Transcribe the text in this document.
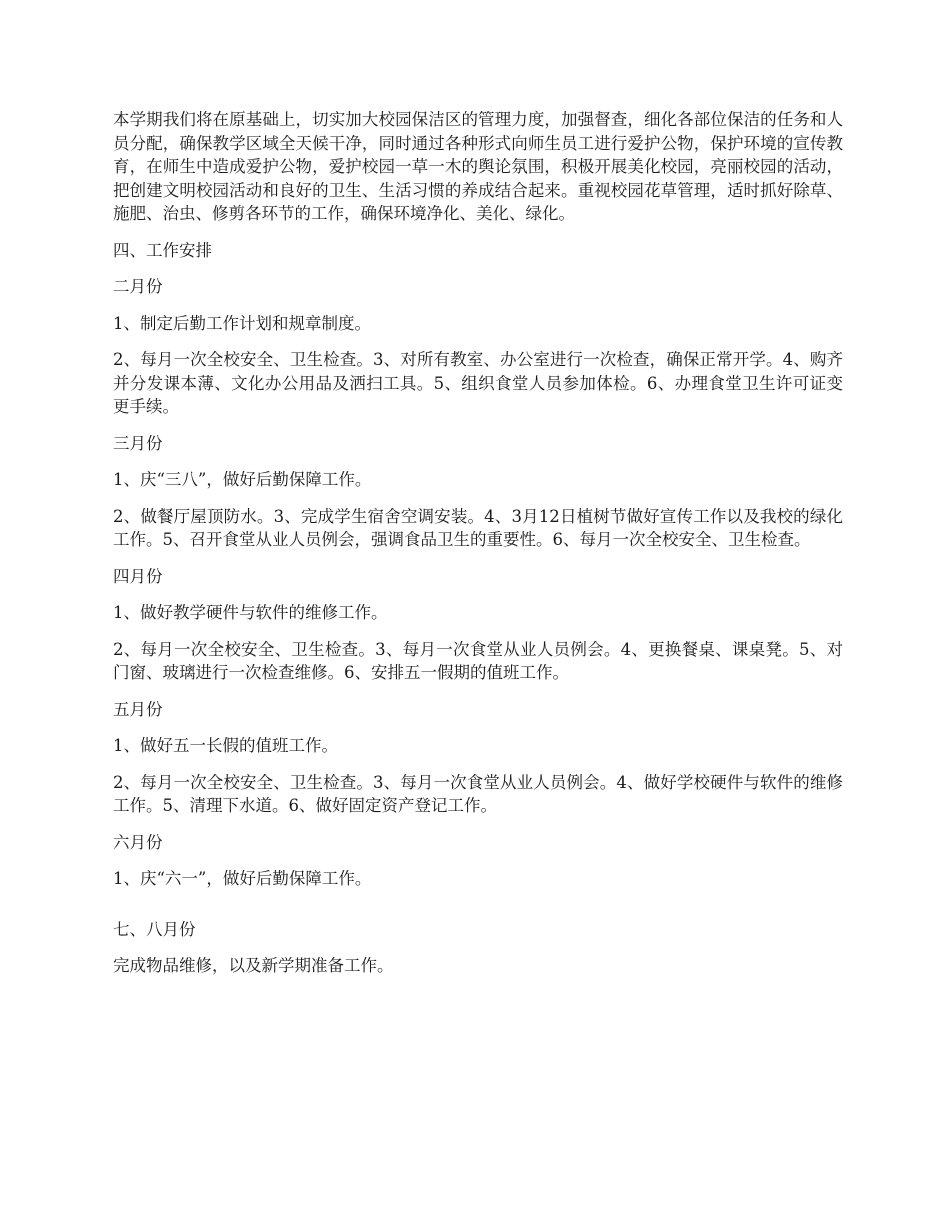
本学期我们将在原基础上，切实加大校园保洁区的管理力度，加强督查，细化各部位保洁的任务和人员分配，确保教学区域全天候干净，同时通过各种形式向师生员工进行爱护公物，保护环境的宣传教育，在师生中造成爱护公物，爱护校园一草一木的舆论氛围，积极开展美化校园，亮丽校园的活动，把创建文明校园活动和良好的卫生、生活习惯的养成结合起来。重视校园花草管理，适时抓好除草、施肥、治虫、修剪各环节的工作，确保环境净化、美化、绿化。

四、工作安排

二月份

1、制定后勤工作计划和规章制度。

2、每月一次全校安全、卫生检查。3、对所有教室、办公室进行一次检查，确保正常开学。4、购齐并分发课本薄、文化办公用品及洒扫工具。5、组织食堂人员参加体检。6、办理食堂卫生许可证变更手续。

三月份

1、庆“三八”，做好后勤保障工作。

2、做餐厅屋顶防水。3、完成学生宿舍空调安装。4、3月12日植树节做好宣传工作以及我校的绿化工作。5、召开食堂从业人员例会，强调食品卫生的重要性。6、每月一次全校安全、卫生检查。

四月份

1、做好教学硬件与软件的维修工作。

2、每月一次全校安全、卫生检查。3、每月一次食堂从业人员例会。4、更换餐桌、课桌凳。5、对门窗、玻璃进行一次检查维修。6、安排五一假期的值班工作。

五月份

1、做好五一长假的值班工作。

2、每月一次全校安全、卫生检查。3、每月一次食堂从业人员例会。4、做好学校硬件与软件的维修工作。5、清理下水道。6、做好固定资产登记工作。

六月份

1、庆“六一”，做好后勤保障工作。

七、八月份

完成物品维修，以及新学期准备工作。
